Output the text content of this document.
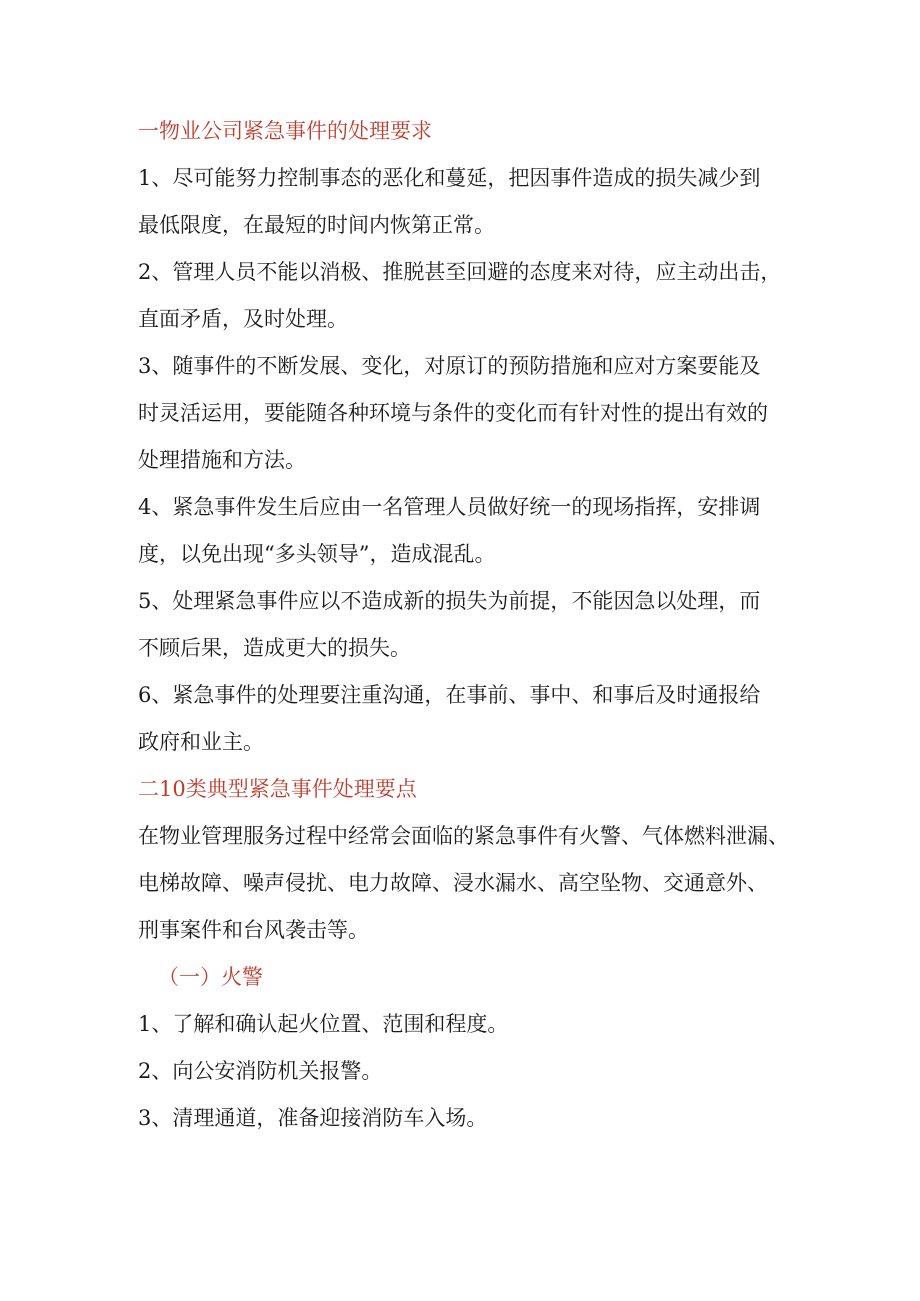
一物业公司紧急事件的处理要求
1、尽可能努力控制事态的恶化和蔓延，把因事件造成的损失减少到
最低限度，在最短的时间内恢第正常。
2、管理人员不能以消极、推脱甚至回避的态度来对待，应主动出击，
直面矛盾，及时处理。
3、随事件的不断发展、变化，对原订的预防措施和应对方案要能及
时灵活运用，要能随各种环境与条件的变化而有针对性的提出有效的
处理措施和方法。
4、紧急事件发生后应由一名管理人员做好统一的现场指挥，安排调
度，以免出现“多头领导”，造成混乱。
5、处理紧急事件应以不造成新的损失为前提，不能因急以处理，而
不顾后果，造成更大的损失。
6、紧急事件的处理要注重沟通，在事前、事中、和事后及时通报给
政府和业主。
二10类典型紧急事件处理要点
在物业管理服务过程中经常会面临的紧急事件有火警、气体燃料泄漏、
电梯故障、噪声侵扰、电力故障、浸水漏水、高空坠物、交通意外、
刑事案件和台风袭击等。
（一）火警
1、了解和确认起火位置、范围和程度。
2、向公安消防机关报警。
3、清理通道，准备迎接消防车入场。
